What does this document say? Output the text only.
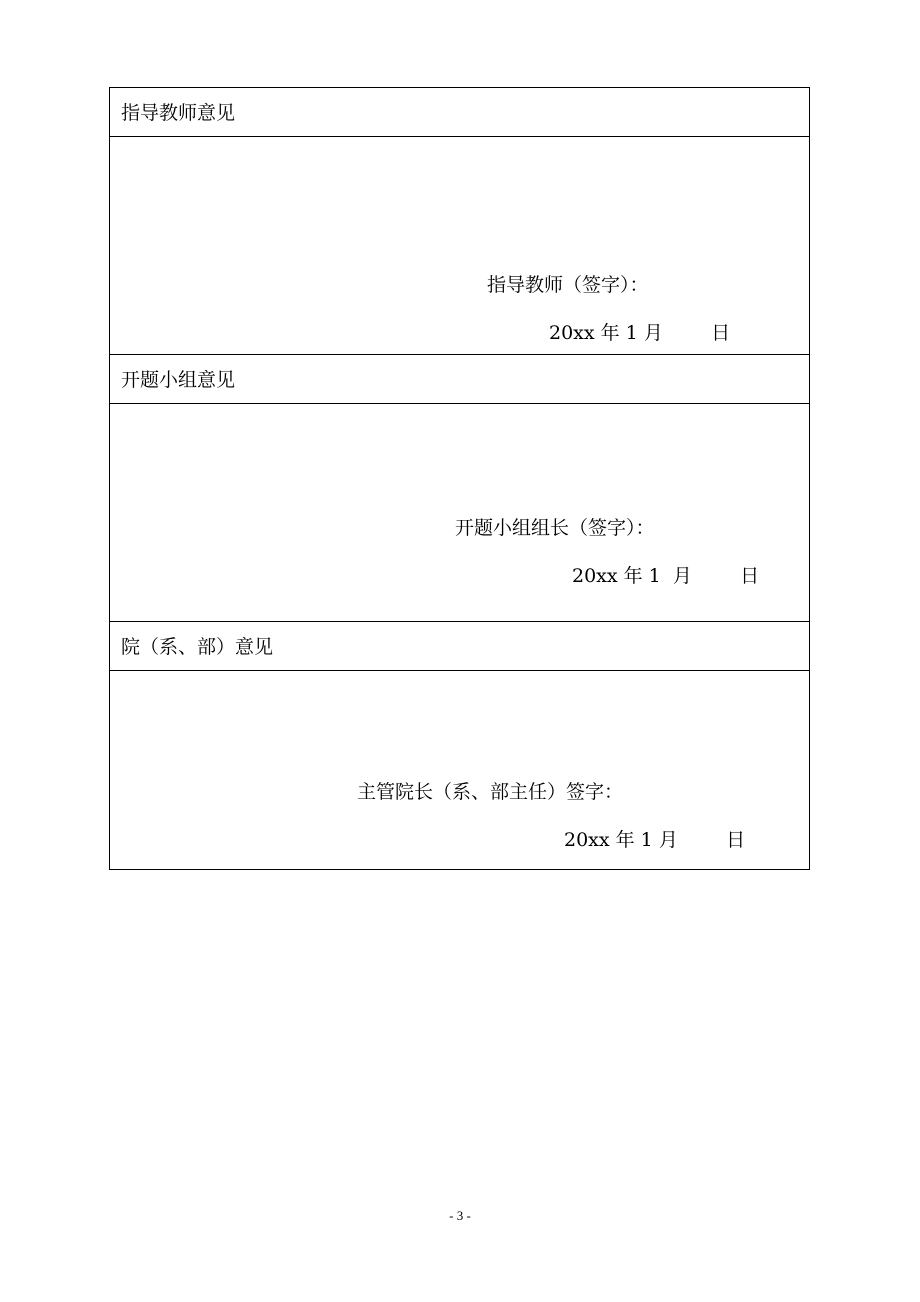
指导教师意见
指导教师（签字）：
20xx 年 1 月        日
开题小组意见
开题小组组长（签字）：
20xx 年 1  月        日
院（系、部）意见
主管院长（系、部主任）签字：
20xx 年 1 月        日
- 3 -
